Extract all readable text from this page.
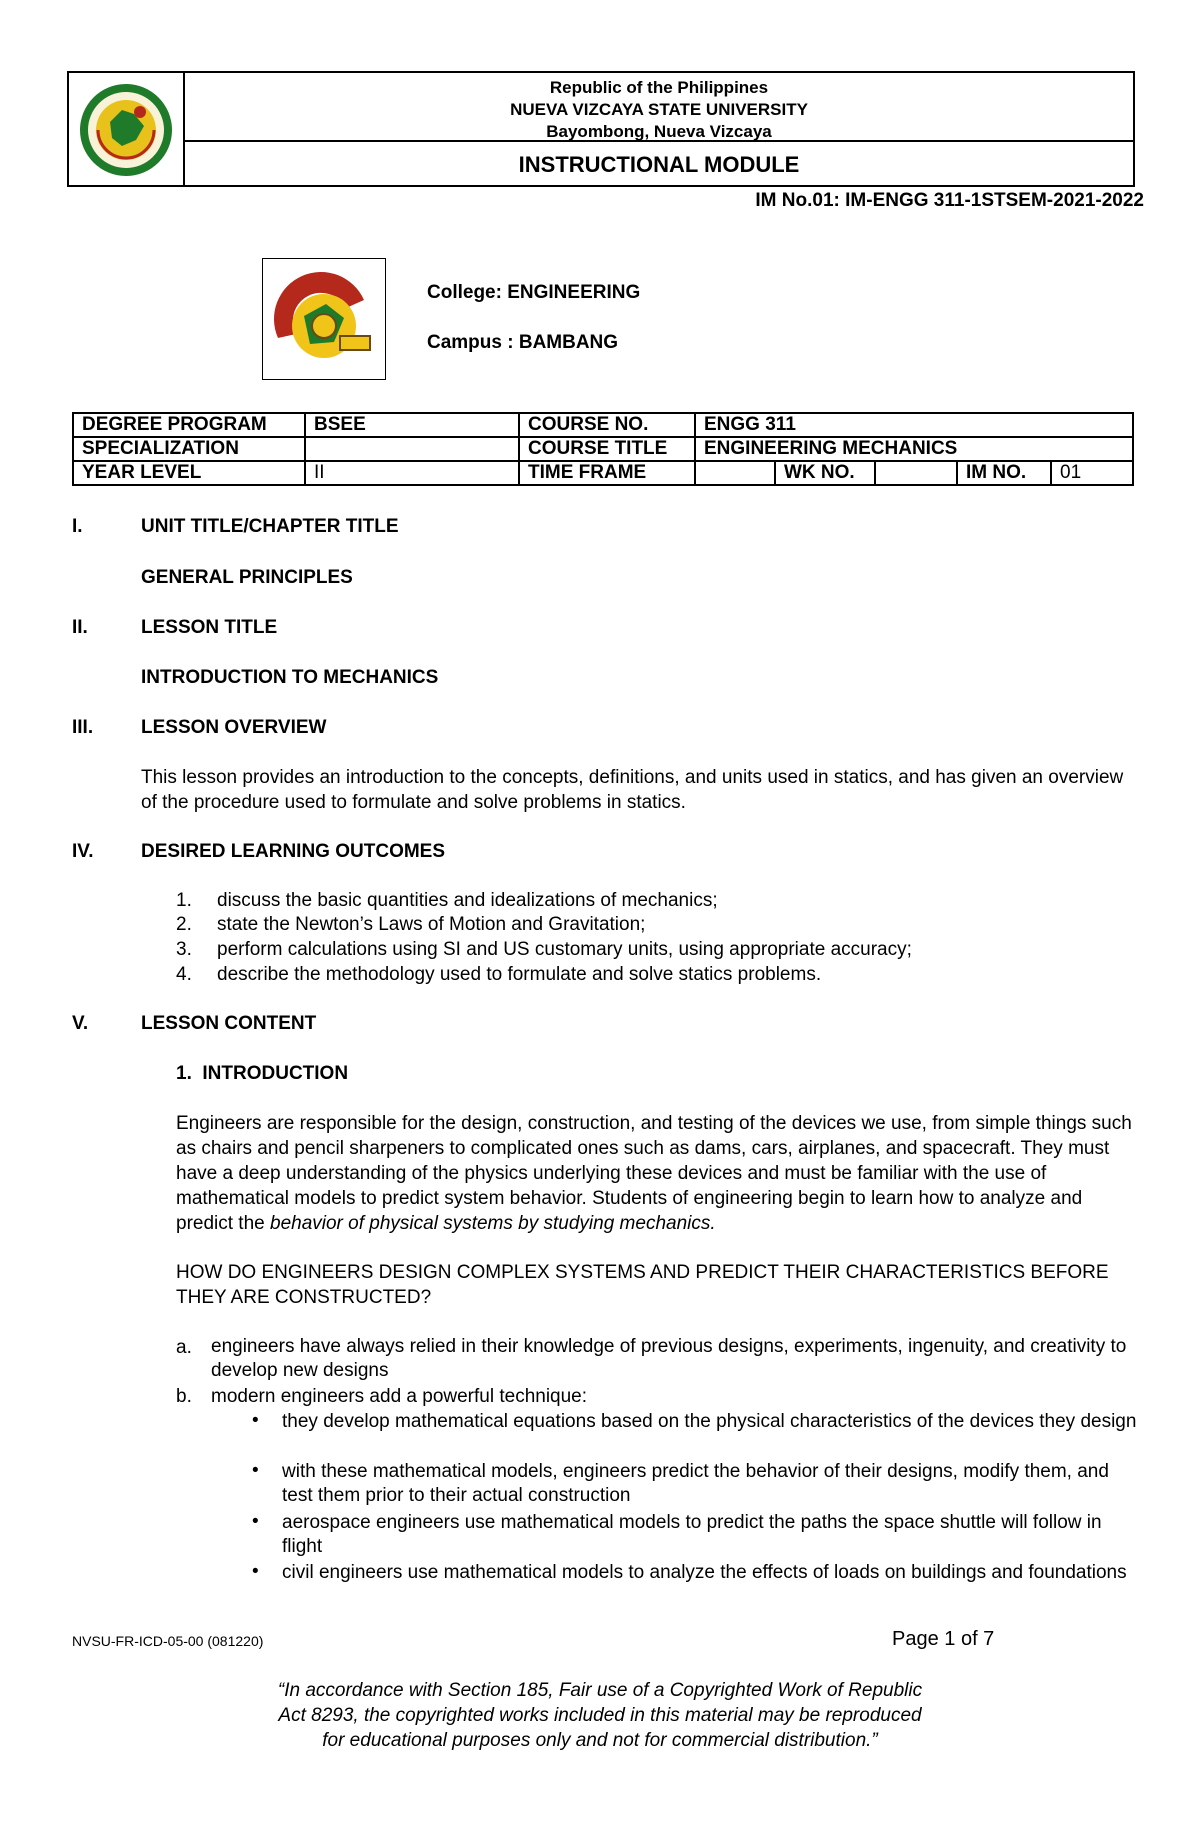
Republic of the Philippines
NUEVA VIZCAYA STATE UNIVERSITY
Bayombong, Nueva Vizcaya
INSTRUCTIONAL MODULE
IM No.01: IM-ENGG 311-1STSEM-2021-2022
College: ENGINEERING
Campus : BAMBANG
DEGREE PROGRAM	BSEE	COURSE NO.	ENGG 311				
SPECIALIZATION		COURSE TITLE	ENGINEERING MECHANICS				
YEAR LEVEL	II	TIME FRAME		WK NO.		IM NO.	01
I.	UNIT TITLE/CHAPTER TITLE
GENERAL PRINCIPLES
II.	LESSON TITLE
INTRODUCTION TO MECHANICS
III.	LESSON OVERVIEW
This lesson provides an introduction to the concepts, definitions, and units used in statics, and has given an overview of the procedure used to formulate and solve problems in statics.
IV.	DESIRED LEARNING OUTCOMES
1. discuss the basic quantities and idealizations of mechanics;
2. state the Newton’s Laws of Motion and Gravitation;
3. perform calculations using SI and US customary units, using appropriate accuracy;
4. describe the methodology used to formulate and solve statics problems.
V.	LESSON CONTENT
1.  INTRODUCTION
Engineers are responsible for the design, construction, and testing of the devices we use, from simple things such as chairs and pencil sharpeners to complicated ones such as dams, cars, airplanes, and spacecraft. They must have a deep understanding of the physics underlying these devices and must be familiar with the use of mathematical models to predict system behavior. Students of engineering begin to learn how to analyze and predict the behavior of physical systems by studying mechanics.
HOW DO ENGINEERS DESIGN COMPLEX SYSTEMS AND PREDICT THEIR CHARACTERISTICS BEFORE THEY ARE CONSTRUCTED?
a. engineers have always relied in their knowledge of previous designs, experiments, ingenuity, and creativity to develop new designs
b. modern engineers add a powerful technique:
• they develop mathematical equations based on the physical characteristics of the devices they design
• with these mathematical models, engineers predict the behavior of their designs, modify them, and test them prior to their actual construction
• aerospace engineers use mathematical models to predict the paths the space shuttle will follow in flight
• civil engineers use mathematical models to analyze the effects of loads on buildings and foundations
NVSU-FR-ICD-05-00 (081220)	Page 1 of 7
“In accordance with Section 185, Fair use of a Copyrighted Work of Republic
Act 8293, the copyrighted works included in this material may be reproduced
for educational purposes only and not for commercial distribution.”
